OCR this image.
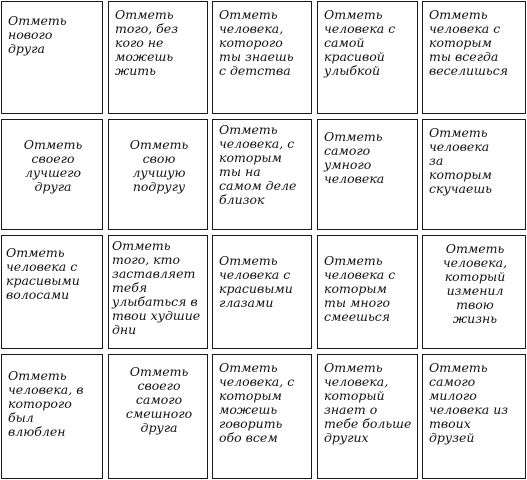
Отметь
нового
друга
Отметь
того, без
кого не
можешь
жить
Отметь
человека,
которого
ты знаешь
с детства
Отметь
человека с
самой
красивой
улыбкой
Отметь
человека с
которым
ты всегда
веселишься
Отметь
своего
лучшего
друга
Отметь
свою
лучшую
подругу
Отметь
человека, с
которым
ты на
самом деле
близок
Отметь
самого
умного
человека
Отметь
человека
за
которым
скучаешь
Отметь
человека с
красивыми
волосами
Отметь
того, кто
заставляет
тебя
улыбаться в
твои худшие
дни
Отметь
человека с
красивыми
глазами
Отметь
человека с
которым
ты много
смеешься
Отметь
человека,
который
изменил
твою
жизнь
Отметь
человека, в
которого
был
влюблен
Отметь
своего
самого
смешного
друга
Отметь
человека, с
которым
можешь
говорить
обо всем
Отметь
человека,
который
знает о
тебе больше
других
Отметь
самого
милого
человека из
твоих
друзей
